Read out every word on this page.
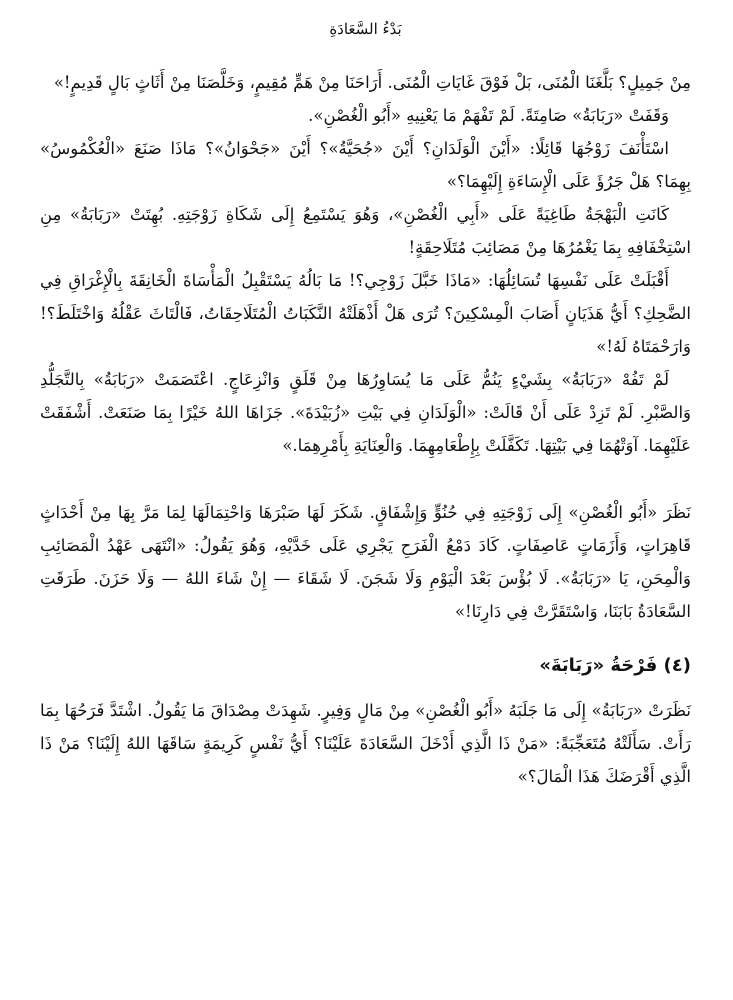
بَدْءُ السَّعَادَةِ

مِنْ جَمِيلٍ؟ بَلَّغَنَا الْمُنَى، بَلْ فَوْقَ غَايَاتِ الْمُنَى. أَرَاحَنَا مِنْ هَمٍّ مُقِيمٍ، وَخَلَّصَنَا مِنْ أَثَاثٍ بَالٍ قَدِيمٍ!»

وَقَفَتْ «رَبَابَةُ» صَامِتَةً. لَمْ تَفْهَمْ مَا يَعْنِيهِ «أَبُو الْغُصْنِ».

اسْتَأْنَفَ زَوْجُهَا قَائِلًا: «أَيْنَ الْوَلَدَانِ؟ أَيْنَ «جُحَيَّةُ»؟ أَيْنَ «جَحْوَانُ»؟ مَاذَا صَنَعَ «الْعُكْمُوسُ» بِهِمَا؟ هَلْ جَرُؤَ عَلَى الْإِسَاءَةِ إِلَيْهِمَا؟»

كَانَتِ الْبَهْجَةُ طَاغِيَةً عَلَى «أَبِي الْغُصْنِ»، وَهُوَ يَسْتَمِعُ إِلَى شَكَاةِ زَوْجَتِهِ. بُهِتَتْ «رَبَابَةُ» مِنِ اسْتِخْفَافِهِ بِمَا يَغْمُرُهَا مِنْ مَصَائِبَ مُتَلَاحِقَةٍ!

أَقْبَلَتْ عَلَى نَفْسِهَا تُسَائِلُهَا: «مَاذَا خَبَّلَ زَوْجِي؟! مَا بَالُهُ يَسْتَقْبِلُ الْمَأْسَاةَ الْخَانِقَةَ بِالْإِغْرَاقِ فِي الضَّحِكِ؟ أَيُّ هَذَيَانٍ أَصَابَ الْمِسْكِينَ؟ تُرَى هَلْ أَذْهَلَتْهُ النَّكَبَاتُ الْمُتَلَاحِقَاتُ، فَالْتَاثَ عَقْلُهُ وَاخْتَلَطَ؟! وَارَحْمَتَاهُ لَهُ!»

لَمْ تَفُهْ «رَبَابَةُ» بِشَيْءٍ يَنُمُّ عَلَى مَا يُسَاوِرُهَا مِنْ قَلَقٍ وَانْزِعَاجٍ. اعْتَصَمَتْ «رَبَابَةُ» بِالتَّجَلُّدِ وَالصَّبْرِ. لَمْ تَزِدْ عَلَى أَنْ قَالَتْ: «الْوَلَدَانِ فِي بَيْتِ «زُبَيْدَةَ». جَزَاهَا اللهُ خَيْرًا بِمَا صَنَعَتْ. أَشْفَقَتْ عَلَيْهِمَا. آوَتْهُمَا فِي بَيْتِهَا. تَكَفَّلَتْ بِإِطْعَامِهِمَا. وَالْعِنَايَةِ بِأَمْرِهِمَا.»

نَظَرَ «أَبُو الْغُصْنِ» إِلَى زَوْجَتِهِ فِي حُنُوٍّ وَإِشْفَاقٍ. شَكَرَ لَهَا صَبْرَهَا وَاحْتِمَالَهَا لِمَا مَرَّ بِهَا مِنْ أَحْدَاثٍ قَاهِرَاتٍ، وَأَزَمَاتٍ عَاصِفَاتٍ. كَادَ دَمْعُ الْفَرَحِ يَجْرِي عَلَى خَدَّيْهِ، وَهُوَ يَقُولُ: «انْتَهَى عَهْدُ الْمَصَائِبِ وَالْمِحَنِ، يَا «رَبَابَةُ». لَا بُؤْسَ بَعْدَ الْيَوْمِ وَلَا شَجَنَ. لَا شَقَاءَ — إِنْ شَاءَ اللهُ — وَلَا حَزَنَ. طَرَقَتِ السَّعَادَةُ بَابَنَا، وَاسْتَقَرَّتْ فِي دَارِنَا!»

(٤) فَرْحَةُ «رَبَابَةَ»

نَظَرَتْ «رَبَابَةُ» إِلَى مَا جَلَبَهُ «أَبُو الْغُصْنِ» مِنْ مَالٍ وَفِيرٍ. شَهِدَتْ مِصْدَاقَ مَا يَقُولُ. اشْتَدَّ فَرَحُهَا بِمَا رَأَتْ. سَأَلَتْهُ مُتَعَجِّبَةً: «مَنْ ذَا الَّذِي أَدْخَلَ السَّعَادَةَ عَلَيْنَا؟ أَيُّ نَفْسٍ كَرِيمَةٍ سَاقَهَا اللهُ إِلَيْنَا؟ مَنْ ذَا الَّذِي أَقْرَضَكَ هَذَا الْمَالَ؟»
